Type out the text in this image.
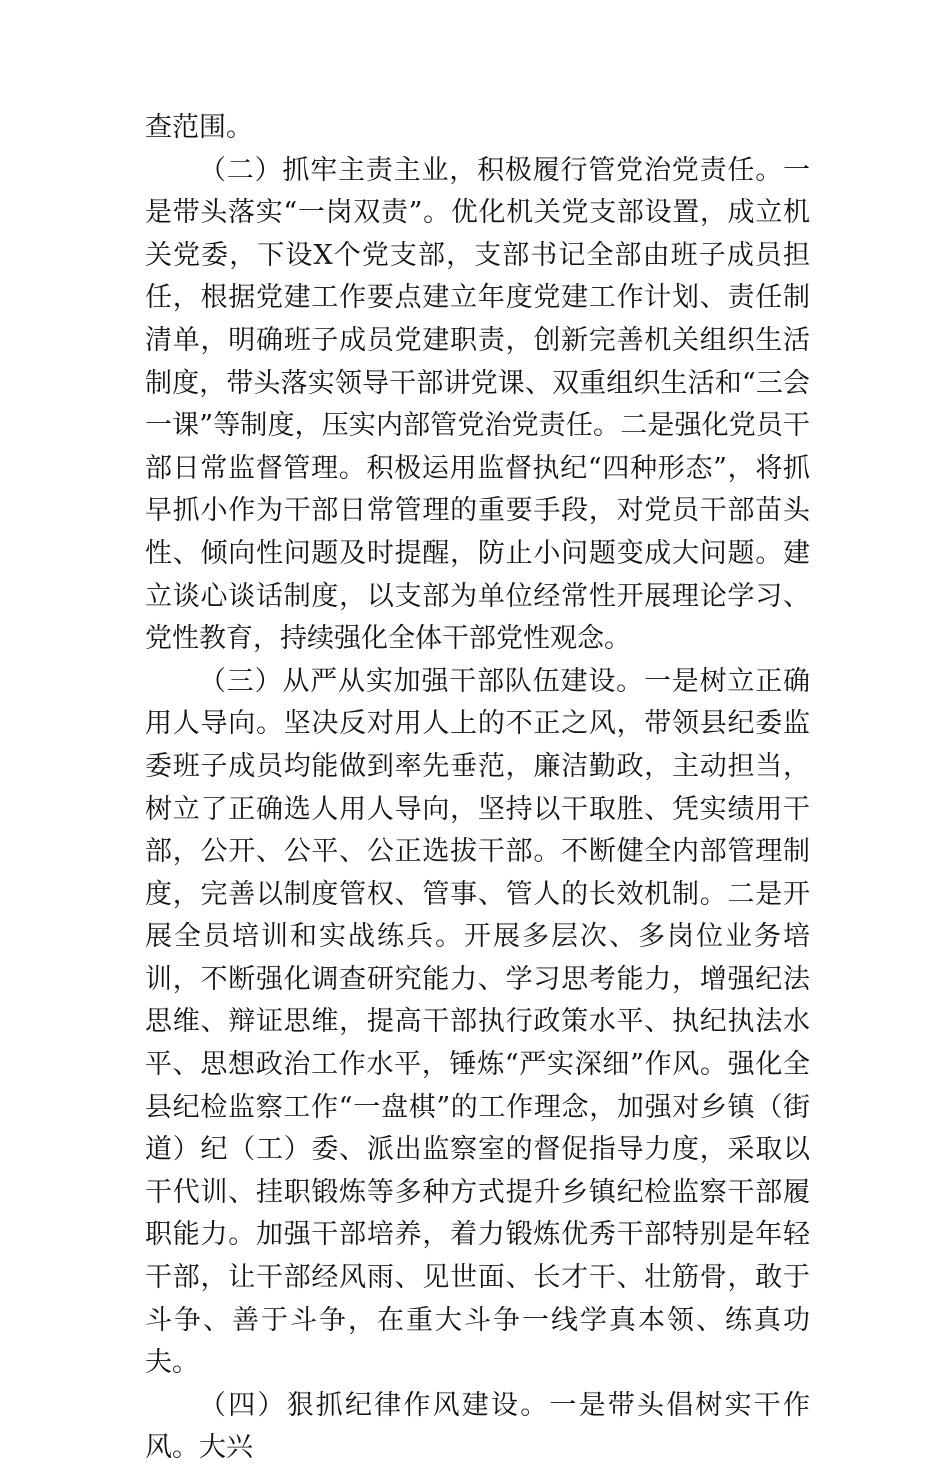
查范围。

（二）抓牢主责主业，积极履行管党治党责任。一是带头落实“一岗双责”。优化机关党支部设置，成立机关党委，下设X个党支部，支部书记全部由班子成员担任，根据党建工作要点建立年度党建工作计划、责任制清单，明确班子成员党建职责，创新完善机关组织生活制度，带头落实领导干部讲党课、双重组织生活和“三会一课”等制度，压实内部管党治党责任。二是强化党员干部日常监督管理。积极运用监督执纪“四种形态”，将抓早抓小作为干部日常管理的重要手段，对党员干部苗头性、倾向性问题及时提醒，防止小问题变成大问题。建立谈心谈话制度，以支部为单位经常性开展理论学习、党性教育，持续强化全体干部党性观念。

（三）从严从实加强干部队伍建设。一是树立正确用人导向。坚决反对用人上的不正之风，带领县纪委监委班子成员均能做到率先垂范，廉洁勤政，主动担当，树立了正确选人用人导向，坚持以干取胜、凭实绩用干部，公开、公平、公正选拔干部。不断健全内部管理制度，完善以制度管权、管事、管人的长效机制。二是开展全员培训和实战练兵。开展多层次、多岗位业务培训，不断强化调查研究能力、学习思考能力，增强纪法思维、辩证思维，提高干部执行政策水平、执纪执法水平、思想政治工作水平，锤炼“严实深细”作风。强化全县纪检监察工作“一盘棋”的工作理念，加强对乡镇（街道）纪（工）委、派出监察室的督促指导力度，采取以干代训、挂职锻炼等多种方式提升乡镇纪检监察干部履职能力。加强干部培养，着力锻炼优秀干部特别是年轻干部，让干部经风雨、见世面、长才干、壮筋骨，敢于斗争、善于斗争，在重大斗争一线学真本领、练真功夫。

（四）狠抓纪律作风建设。一是带头倡树实干作风。大兴
